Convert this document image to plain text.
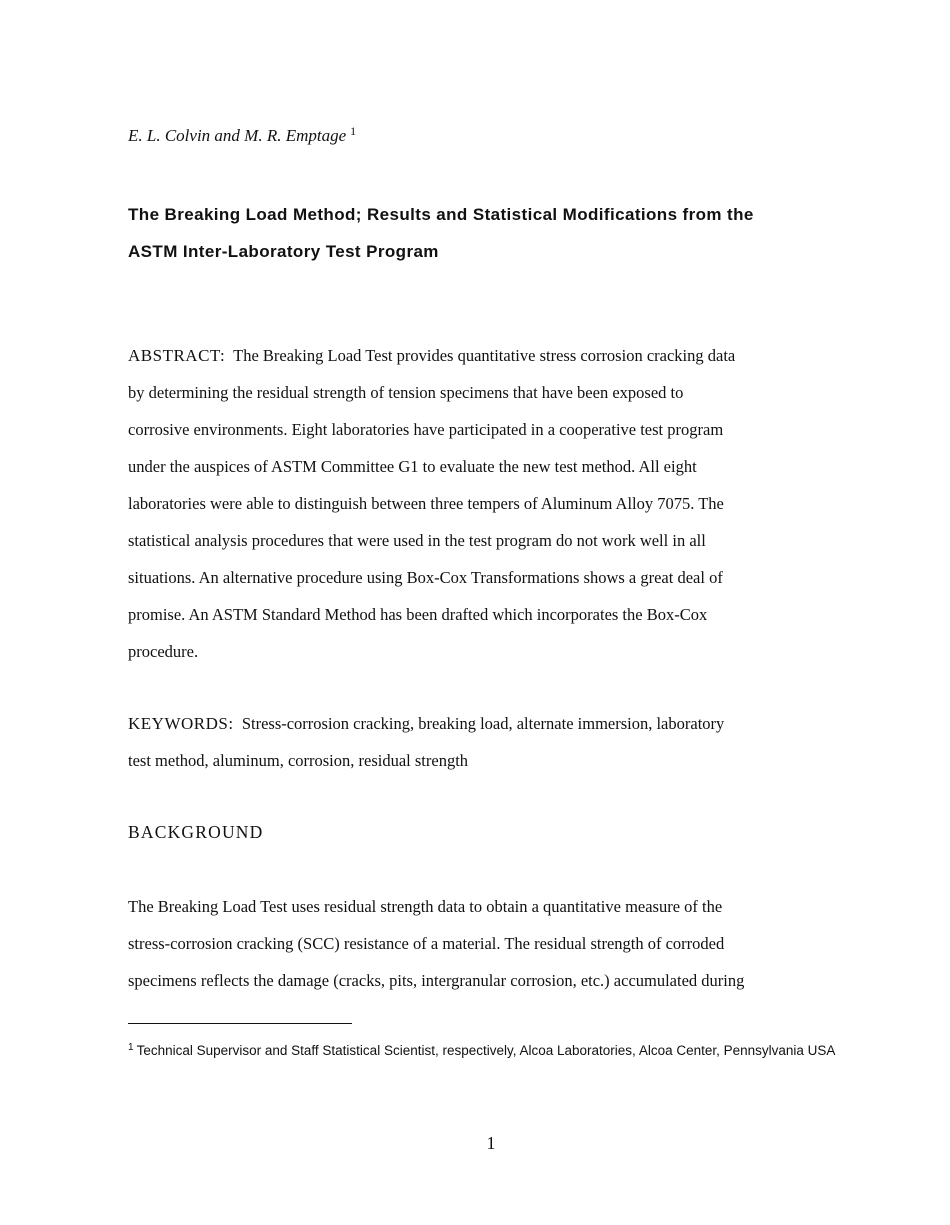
E. L. Colvin and M. R. Emptage $^1$
The Breaking Load Method; Results and Statistical Modifications from the
ASTM Inter-Laboratory Test Program

ABSTRACT: The Breaking Load Test provides quantitative stress corrosion cracking data
by determining the residual strength of tension specimens that have been exposed to
corrosive environments. Eight laboratories have participated in a cooperative test program
under the auspices of ASTM Committee G1 to evaluate the new test method. All eight
laboratories were able to distinguish between three tempers of Aluminum Alloy 7075. The
statistical analysis procedures that were used in the test program do not work well in all
situations. An alternative procedure using Box-Cox Transformations shows a great deal of
promise. An ASTM Standard Method has been drafted which incorporates the Box-Cox
procedure.

KEYWORDS: Stress-corrosion cracking, breaking load, alternate immersion, laboratory
test method, aluminum, corrosion, residual strength

BACKGROUND

The Breaking Load Test uses residual strength data to obtain a quantitative measure of the
stress-corrosion cracking (SCC) resistance of a material. The residual strength of corroded
specimens reflects the damage (cracks, pits, intergranular corrosion, etc.) accumulated during

$^1$ Technical Supervisor and Staff Statistical Scientist, respectively, Alcoa Laboratories, Alcoa Center, Pennsylvania USA

1
